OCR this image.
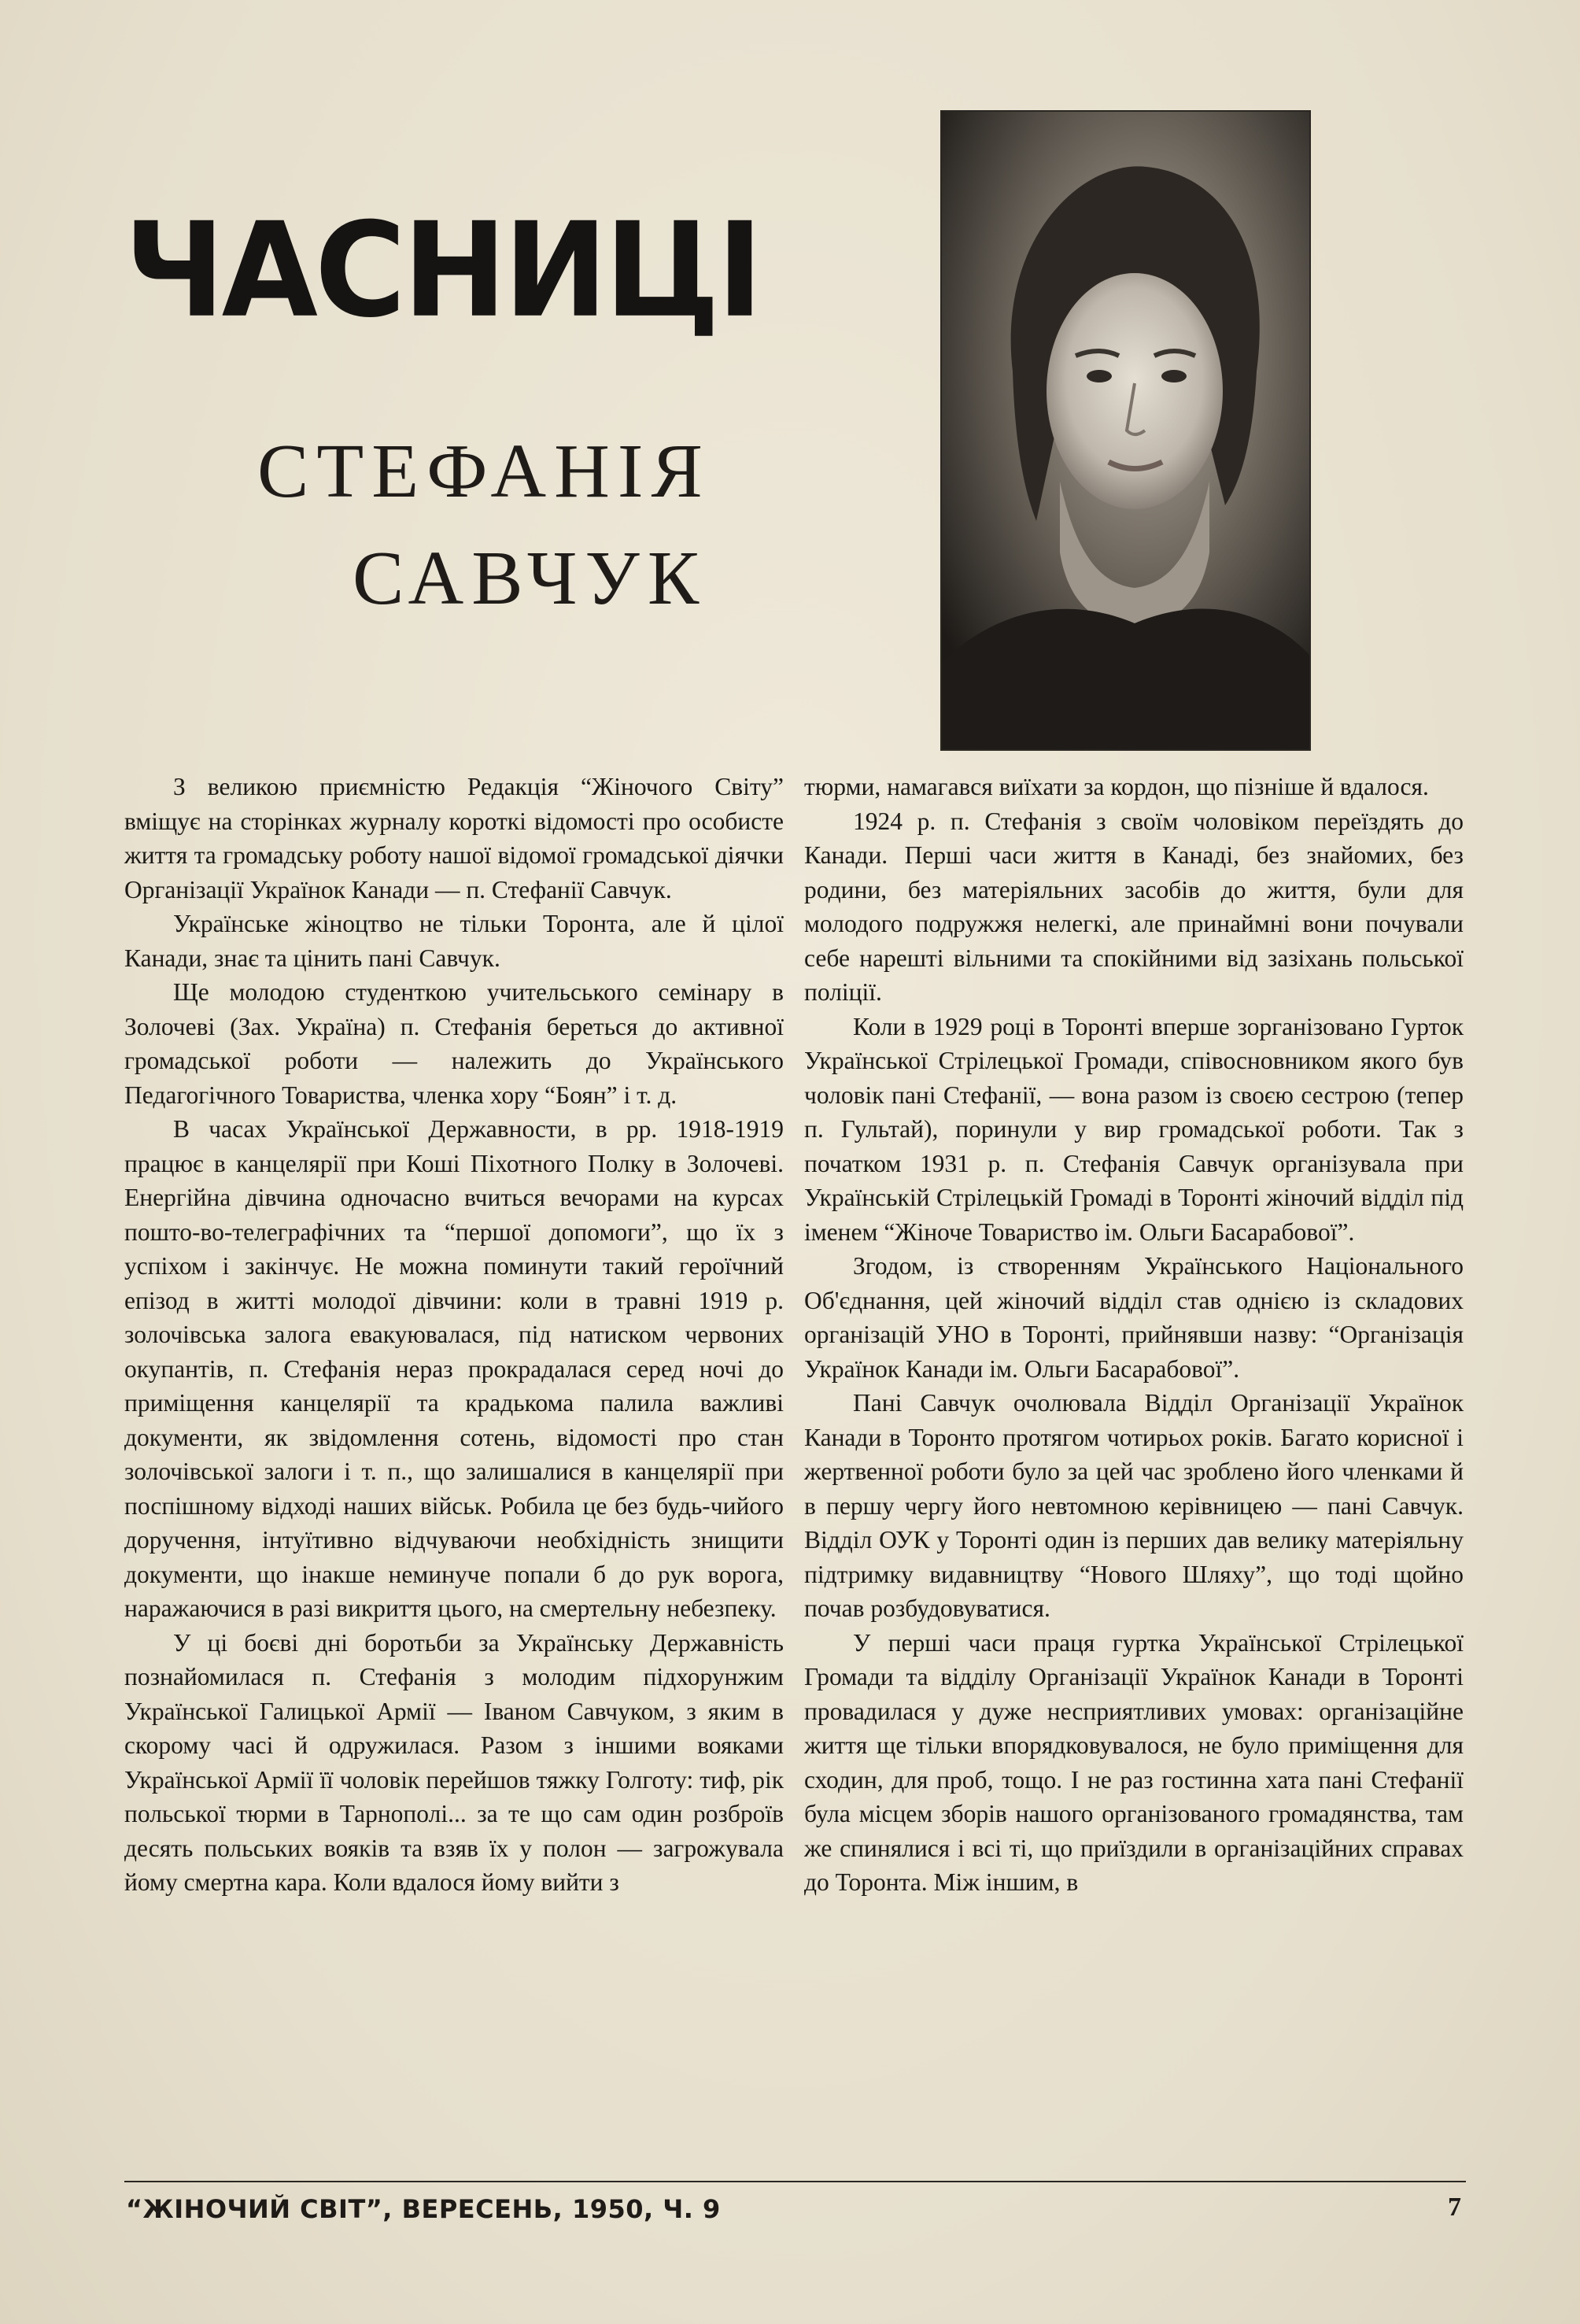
ЧАСНИЦІ
СТЕФАНІЯ
САВЧУК

З великою приємністю Редакція “Жіночого Світу” вміщує на сторінках журналу короткі відомості про особисте життя та громадську роботу нашої відомої громадської діячки Організації Українок Канади — п. Стефанії Савчук.

Українське жіноцтво не тільки Торонта, але й цілої Канади, знає та цінить пані Савчук.

Ще молодою студенткою учительського семінару в Золочеві (Зах. Україна) п. Стефанія береться до активної громадської роботи — належить до Українського Педагогічного Товариства, членка хору “Боян” і т. д.

В часах Української Державности, в рр. 1918-1919 працює в канцелярії при Коші Піхотного Полку в Золочеві. Енергійна дівчина одночасно вчиться вечорами на курсах пошто-во-телеграфічних та “першої допомоги”, що їх з успіхом і закінчує. Не можна поминути такий героїчний епізод в житті молодої дівчини: коли в травні 1919 р. золочівська залога евакуювалася, під натиском червоних окупантів, п. Стефанія нераз прокрадалася серед ночі до приміщення канцелярії та крадькома палила важливі документи, як звідомлення сотень, відомості про стан золочівської залоги і т. п., що залишалися в канцелярії при поспішному відході наших військ. Робила це без будь-чийого доручення, інтуїтивно відчуваючи необхідність знищити документи, що інакше неминуче попали б до рук ворога, наражаючися в разі викриття цього, на смертельну небезпеку.

У ці боєві дні боротьби за Українську Державність познайомилася п. Стефанія з молодим підхорунжим Української Галицької Армії — Іваном Савчуком, з яким в скорому часі й одружилася. Разом з іншими вояками Української Армії її чоловік перейшов тяжку Голготу: тиф, рік польської тюрми в Тарнополі... за те що сам один розброїв десять польських вояків та взяв їх у полон — загрожувала йому смертна кара. Коли вдалося йому вийти з

тюрми, намагався виїхати за кордон, що пізніше й вдалося.

1924 р. п. Стефанія з своїм чоловіком переїздять до Канади. Перші часи життя в Канаді, без знайомих, без родини, без матеріяльних засобів до життя, були для молодого подружжя нелегкі, але принаймні вони почували себе нарешті вільними та спокійними від зазіхань польської поліції.

Коли в 1929 році в Торонті вперше зорганізовано Гурток Української Стрілецької Громади, співосновником якого був чоловік пані Стефанії, — вона разом із своєю сестрою (тепер п. Гультай), поринули у вир громадської роботи. Так з початком 1931 р. п. Стефанія Савчук організувала при Українській Стрілецькій Громаді в Торонті жіночий відділ під іменем “Жіноче Товариство ім. Ольги Басарабової”.

Згодом, із створенням Українського Національного Об'єднання, цей жіночий відділ став однією із складових організацій УНО в Торонті, прийнявши назву: “Організація Українок Канади ім. Ольги Басарабової”.

Пані Савчук очолювала Відділ Організації Українок Канади в Торонто протягом чотирьох років. Багато корисної і жертвенної роботи було за цей час зроблено його членками й в першу чергу його невтомною керівницею — пані Савчук. Відділ ОУК у Торонті один із перших дав велику матеріяльну підтримку видавництву “Нового Шляху”, що тоді щойно почав розбудовуватися.

У перші часи праця гуртка Української Стрілецької Громади та відділу Організації Українок Канади в Торонті провадилася у дуже несприятливих умовах: організаційне життя ще тільки впорядковувалося, не було приміщення для сходин, для проб, тощо. І не раз гостинна хата пані Стефанії була місцем зборів нашого організованого громадянства, там же спинялися і всі ті, що приїздили в організаційних справах до Торонта. Між іншим, в

“ЖІНОЧИЙ СВІТ”, ВЕРЕСЕНЬ, 1950, Ч. 9	7
